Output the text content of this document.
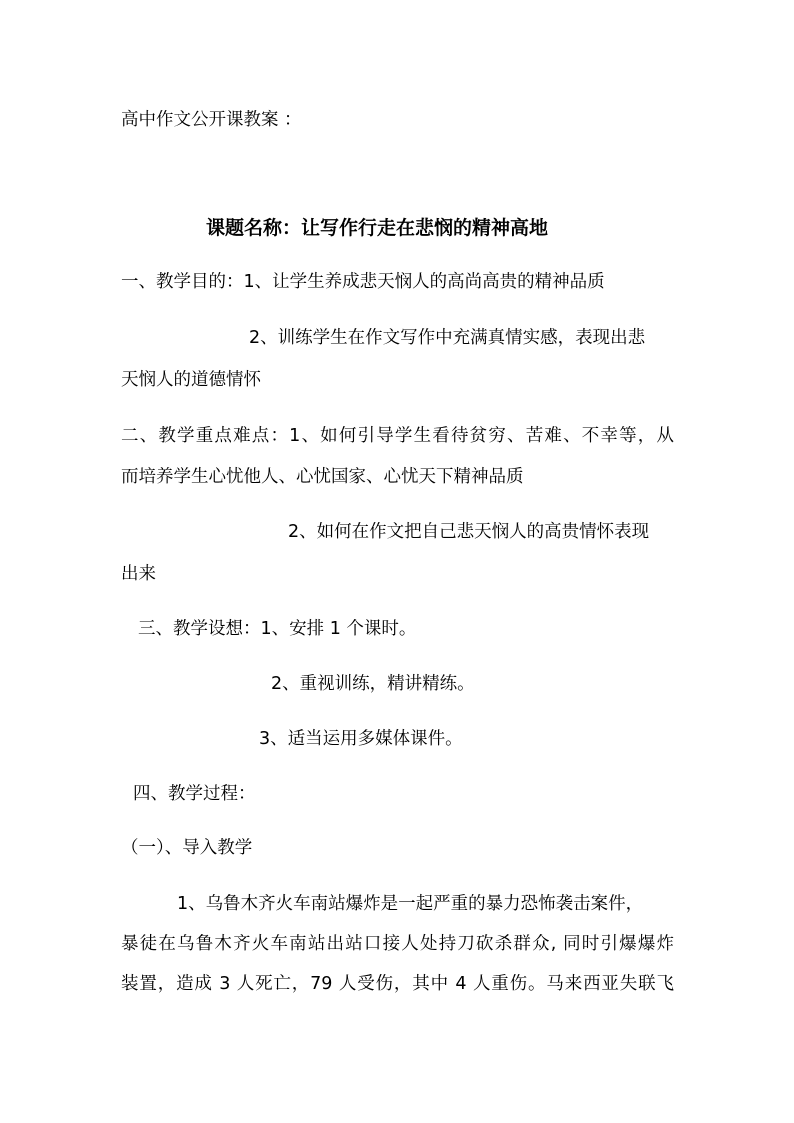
高中作文公开课教案 ：
课题名称：让写作行走在悲悯的精神高地
一、教学目的：1、让学生养成悲天悯人的高尚高贵的精神品质
2、训练学生在作文写作中充满真情实感，表现出悲
天悯人的道德情怀
二、教学重点难点：1、如何引导学生看待贫穷、苦难、不幸等，从
而培养学生心忧他人、心忧国家、心忧天下精神品质
2、如何在作文把自己悲天悯人的高贵情怀表现
出来
三、教学设想：1、安排 1 个课时。
2、重视训练，精讲精练。
3、适当运用多媒体课件。
四、教学过程：
（一）、导入教学
1、乌鲁木齐火车南站爆炸是一起严重的暴力恐怖袭击案件，
暴徒在乌鲁木齐火车南站出站口接人处持刀砍杀群众, 同时引爆爆炸
装置，造成 3 人死亡，79 人受伤，其中 4 人重伤。马来西亚失联飞
